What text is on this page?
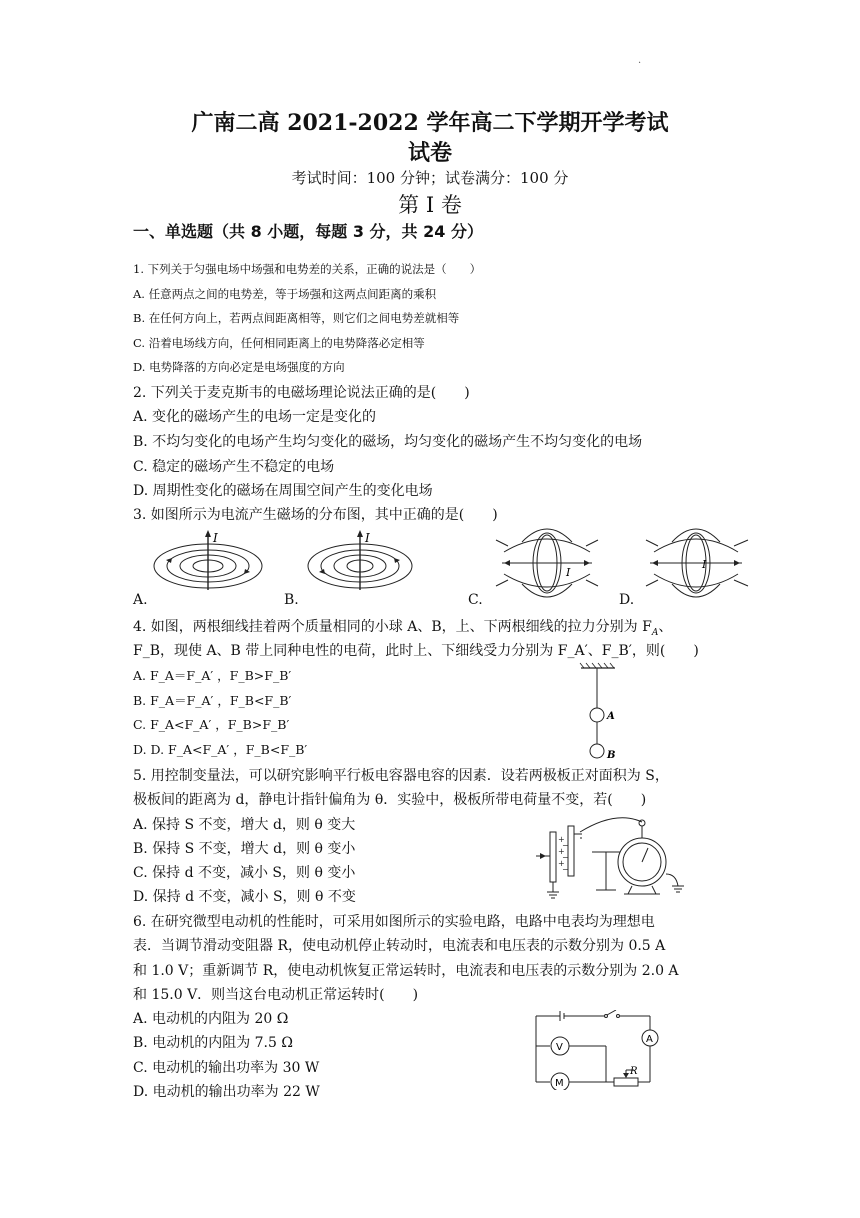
·
广南二高 2021-2022 学年高二下学期开学考试
试卷
考试时间：100 分钟；试卷满分：100 分
第 I 卷
一、单选题（共 8 小题，每题 3 分，共 24 分）
1. 下列关于匀强电场中场强和电势差的关系，正确的说法是（　　）
A. 任意两点之间的电势差，等于场强和这两点间距离的乘积
B. 在任何方向上，若两点间距离相等，则它们之间电势差就相等
C. 沿着电场线方向，任何相同距离上的电势降落必定相等
D. 电势降落的方向必定是电场强度的方向
2. 下列关于麦克斯韦的电磁场理论说法正确的是(　　)
A. 变化的磁场产生的电场一定是变化的
B. 不均匀变化的电场产生均匀变化的磁场，均匀变化的磁场产生不均匀变化的电场
C. 稳定的磁场产生不稳定的电场
D. 周期性变化的磁场在周围空间产生的变化电场
3. 如图所示为电流产生磁场的分布图，其中正确的是(　　)
I	I
I
I
A.	B.	C.	D.
4. 如图，两根细线挂着两个质量相同的小球 A、B，上、下两根细线的拉力分别为 $F_A$、
F_B，现使 A、B 带上同种电性的电荷，此时上、下细线受力分别为 F_A′、F_B′，则(　　)
A. F_A＝F_A′ ，F_B>F_B′
B. F_A＝F_A′ ，F_B<F_B′
C. F_A<F_A′ ，F_B>F_B′
D. D. F_A<F_A′ ，F_B<F_B′
A
B
5. 用控制变量法，可以研究影响平行板电容器电容的因素．设若两极板正对面积为 S，
极板间的距离为 d，静电计指针偏角为 θ．实验中，极板所带电荷量不变，若(　　)
A. 保持 S 不变，增大 d，则 θ 变大
B. 保持 S 不变，增大 d，则 θ 变小
C. 保持 d 不变，减小 S，则 θ 变小
D. 保持 d 不变，减小 S，则 θ 不变
+
+
+
−
−
−
6. 在研究微型电动机的性能时，可采用如图所示的实验电路，电路中电表均为理想电
表．当调节滑动变阻器 R，使电动机停止转动时，电流表和电压表的示数分别为 0.5 A
和 1.0 V；重新调节 R，使电动机恢复正常运转时，电流表和电压表的示数分别为 2.0 A
和 15.0 V．则当这台电动机正常运转时(　　)
A. 电动机的内阻为 20 Ω
B. 电动机的内阻为 7.5 Ω
C. 电动机的输出功率为 30 W
D. 电动机的输出功率为 22 W
V
A
M
R
